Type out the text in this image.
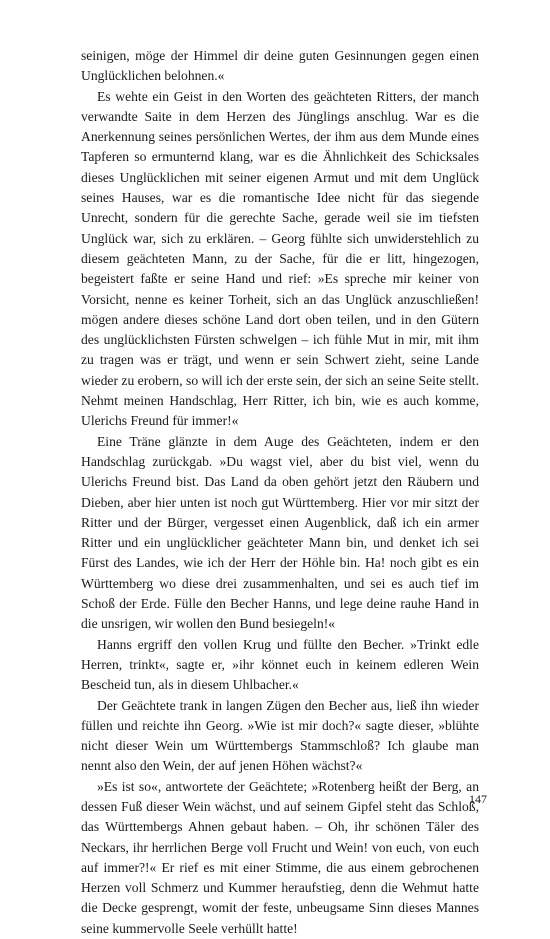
seinigen, möge der Himmel dir deine guten Gesinnungen gegen einen Unglücklichen belohnen.«

Es wehte ein Geist in den Worten des geächteten Ritters, der manch verwandte Saite in dem Herzen des Jünglings anschlug. War es die Anerkennung seines persönlichen Wertes, der ihm aus dem Munde eines Tapferen so ermunternd klang, war es die Ähnlichkeit des Schicksales dieses Unglücklichen mit seiner eigenen Armut und mit dem Unglück seines Hauses, war es die romantische Idee nicht für das siegende Unrecht, sondern für die gerechte Sache, gerade weil sie im tiefsten Unglück war, sich zu erklären. – Georg fühlte sich unwiderstehlich zu diesem geächteten Mann, zu der Sache, für die er litt, hingezogen, begeistert faßte er seine Hand und rief: »Es spreche mir keiner von Vorsicht, nenne es keiner Torheit, sich an das Unglück anzuschließen! mögen andere dieses schöne Land dort oben teilen, und in den Gütern des unglücklichsten Fürsten schwelgen – ich fühle Mut in mir, mit ihm zu tragen was er trägt, und wenn er sein Schwert zieht, seine Lande wieder zu erobern, so will ich der erste sein, der sich an seine Seite stellt. Nehmt meinen Handschlag, Herr Ritter, ich bin, wie es auch komme, Ulerichs Freund für immer!«

Eine Träne glänzte in dem Auge des Geächteten, indem er den Handschlag zurückgab. »Du wagst viel, aber du bist viel, wenn du Ulerichs Freund bist. Das Land da oben gehört jetzt den Räubern und Dieben, aber hier unten ist noch gut Württemberg. Hier vor mir sitzt der Ritter und der Bürger, vergesset einen Augenblick, daß ich ein armer Ritter und ein unglücklicher geächteter Mann bin, und denket ich sei Fürst des Landes, wie ich der Herr der Höhle bin. Ha! noch gibt es ein Württemberg wo diese drei zusammenhalten, und sei es auch tief im Schoß der Erde. Fülle den Becher Hanns, und lege deine rauhe Hand in die unsrigen, wir wollen den Bund besiegeln!«

Hanns ergriff den vollen Krug und füllte den Becher. »Trinkt edle Herren, trinkt«, sagte er, »ihr könnet euch in keinem edleren Wein Bescheid tun, als in diesem Uhlbacher.«

Der Geächtete trank in langen Zügen den Becher aus, ließ ihn wieder füllen und reichte ihn Georg. »Wie ist mir doch?« sagte dieser, »blühte nicht dieser Wein um Württembergs Stammschloß? Ich glaube man nennt also den Wein, der auf jenen Höhen wächst?«

»Es ist so«, antwortete der Geächtete; »Rotenberg heißt der Berg, an dessen Fuß dieser Wein wächst, und auf seinem Gipfel steht das Schloß, das Württembergs Ahnen gebaut haben. – Oh, ihr schönen Täler des Neckars, ihr herrlichen Berge voll Frucht und Wein! von euch, von euch auf immer?!« Er rief es mit einer Stimme, die aus einem gebrochenen Herzen voll Schmerz und Kummer heraufstieg, denn die Wehmut hatte die Decke gesprengt, womit der feste, unbeugsame Sinn dieses Mannes seine kummervolle Seele verhüllt hatte!

147
